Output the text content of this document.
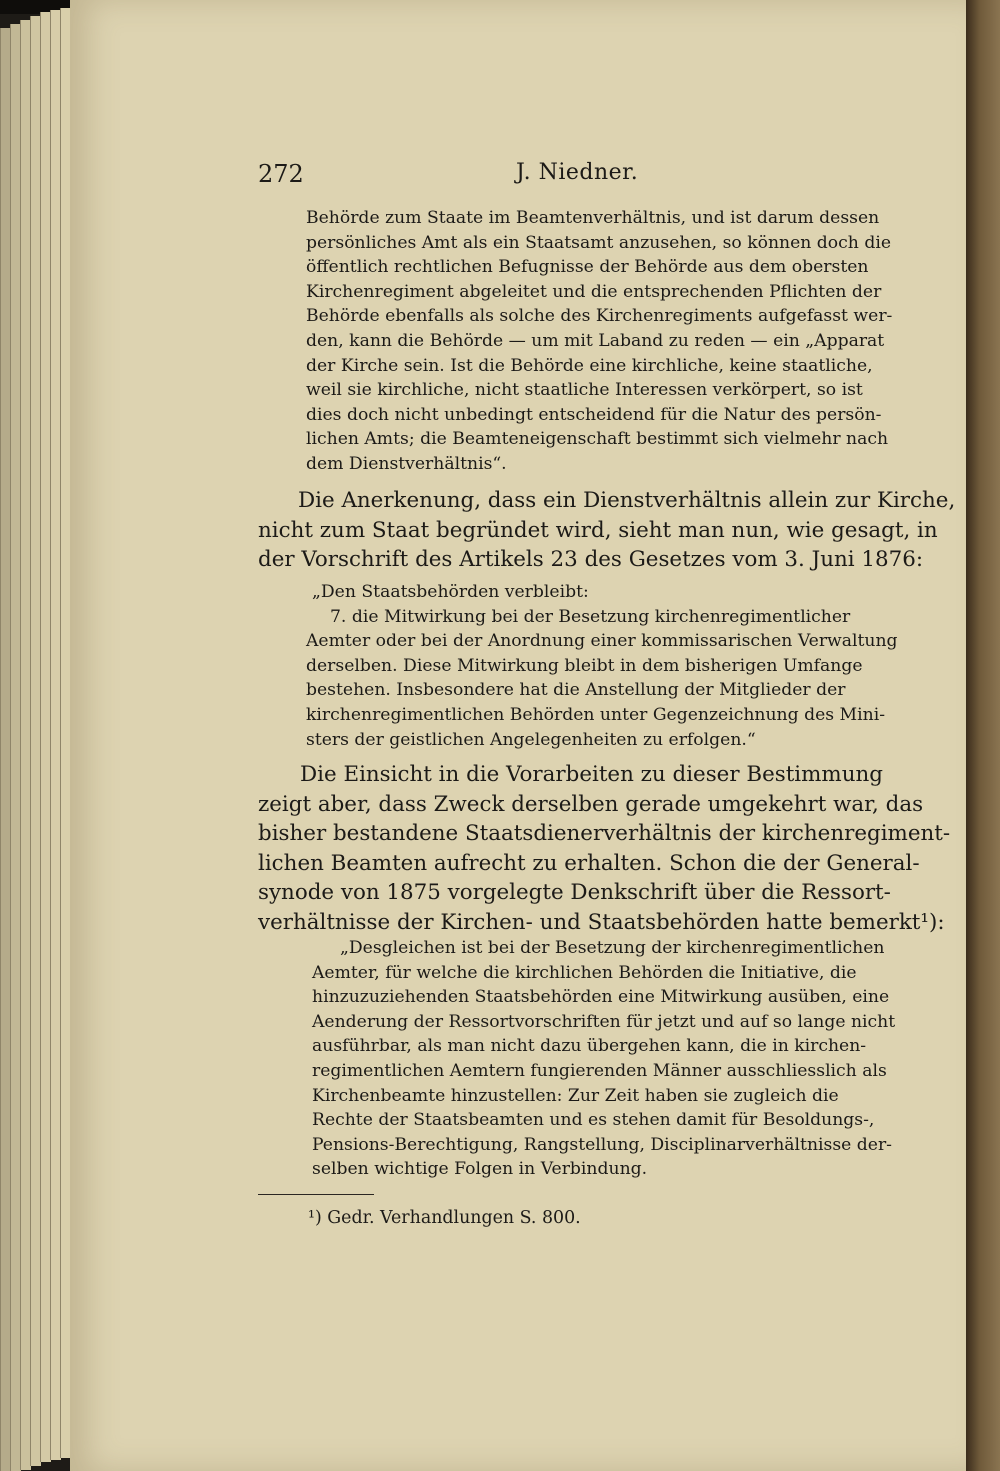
272	J. Niedner.
Behörde zum Staate im Beamtenverhältnis, und ist darum dessen
persönliches Amt als ein Staatsamt anzusehen, so können doch die
öffentlich rechtlichen Befugnisse der Behörde aus dem obersten
Kirchenregiment abgeleitet und die entsprechenden Pflichten der
Behörde ebenfalls als solche des Kirchenregiments aufgefasst wer-
den, kann die Behörde — um mit Laband zu reden — ein „Apparat
der Kirche sein. Ist die Behörde eine kirchliche, keine staatliche,
weil sie kirchliche, nicht staatliche Interessen verkörpert, so ist
dies doch nicht unbedingt entscheidend für die Natur des persön-
lichen Amts; die Beamteneigenschaft bestimmt sich vielmehr nach
dem Dienstverhältnis“.
Die Anerkenung, dass ein Dienstverhältnis allein zur Kirche,
nicht zum Staat begründet wird, sieht man nun, wie gesagt, in
der Vorschrift des Artikels 23 des Gesetzes vom 3. Juni 1876:
„Den Staatsbehörden verbleibt:
7. die Mitwirkung bei der Besetzung kirchenregimentlicher
Aemter oder bei der Anordnung einer kommissarischen Verwaltung
derselben. Diese Mitwirkung bleibt in dem bisherigen Umfange
bestehen. Insbesondere hat die Anstellung der Mitglieder der
kirchenregimentlichen Behörden unter Gegenzeichnung des Mini-
sters der geistlichen Angelegenheiten zu erfolgen.“
Die Einsicht in die Vorarbeiten zu dieser Bestimmung
zeigt aber, dass Zweck derselben gerade umgekehrt war, das
bisher bestandene Staatsdienerverhältnis der kirchenregiment-
lichen Beamten aufrecht zu erhalten. Schon die der General-
synode von 1875 vorgelegte Denkschrift über die Ressort-
verhältnisse der Kirchen- und Staatsbehörden hatte bemerkt¹):
„Desgleichen ist bei der Besetzung der kirchenregimentlichen
Aemter, für welche die kirchlichen Behörden die Initiative, die
hinzuzuziehenden Staatsbehörden eine Mitwirkung ausüben, eine
Aenderung der Ressortvorschriften für jetzt und auf so lange nicht
ausführbar, als man nicht dazu übergehen kann, die in kirchen-
regimentlichen Aemtern fungierenden Männer ausschliesslich als
Kirchenbeamte hinzustellen: Zur Zeit haben sie zugleich die
Rechte der Staatsbeamten und es stehen damit für Besoldungs-,
Pensions-Berechtigung, Rangstellung, Disciplinarverhältnisse der-
selben wichtige Folgen in Verbindung.
¹) Gedr. Verhandlungen S. 800.
